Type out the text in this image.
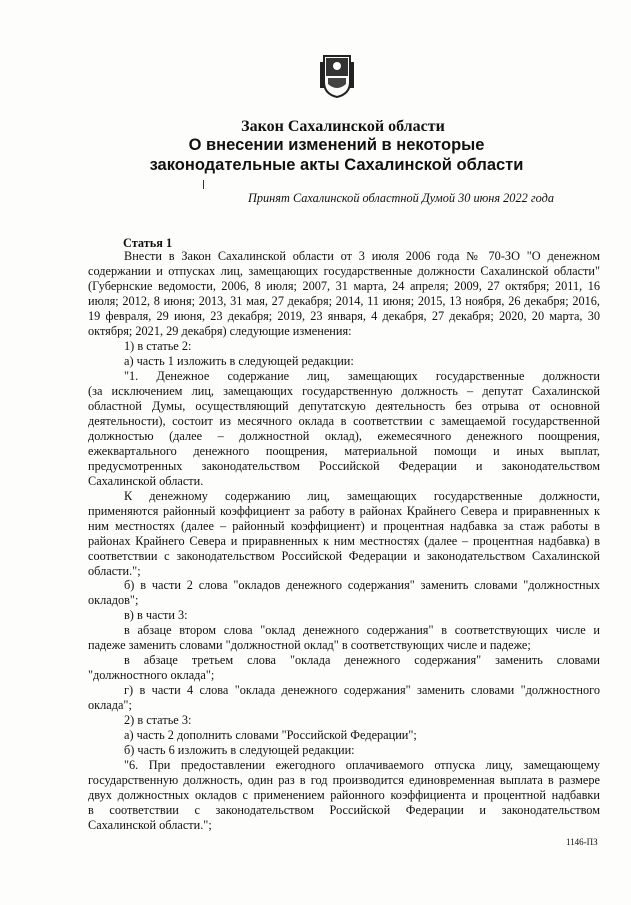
Закон Сахалинской области
О внесении изменений в некоторые
законодательные акты Сахалинской области
Принят Сахалинской областной Думой 30 июня 2022 года
Статья 1
Внести в Закон Сахалинской области от 3 июля 2006 года № 70-ЗО "О денежном
содержании и отпусках лиц, замещающих государственные должности Сахалинской области"
(Губернские ведомости, 2006, 8 июля; 2007, 31 марта, 24 апреля; 2009, 27 октября; 2011, 16
июля; 2012, 8 июня; 2013, 31 мая, 27 декабря; 2014, 11 июня; 2015, 13 ноября, 26 декабря; 2016,
19 февраля, 29 июня, 23 декабря; 2019, 23 января, 4 декабря, 27 декабря; 2020, 20 марта, 30
октября; 2021, 29 декабря) следующие изменения:
1) в статье 2:
а) часть 1 изложить в следующей редакции:
"1. Денежное содержание лиц, замещающих государственные должности
(за исключением лиц, замещающих государственную должность – депутат Сахалинской
областной Думы, осуществляющий депутатскую деятельность без отрыва от основной
деятельности), состоит из месячного оклада в соответствии с замещаемой государственной
должностью (далее – должностной оклад), ежемесячного денежного поощрения,
ежеквартального денежного поощрения, материальной помощи и иных выплат,
предусмотренных законодательством Российской Федерации и законодательством
Сахалинской области.
К денежному содержанию лиц, замещающих государственные должности,
применяются районный коэффициент за работу в районах Крайнего Севера и приравненных к
ним местностях (далее – районный коэффициент) и процентная надбавка за стаж работы в
районах Крайнего Севера и приравненных к ним местностях (далее – процентная надбавка) в
соответствии с законодательством Российской Федерации и законодательством Сахалинской
области.";
б) в части 2 слова "окладов денежного содержания" заменить словами "должностных
окладов";
в) в части 3:
в абзаце втором слова "оклад денежного содержания" в соответствующих числе и
падеже заменить словами "должностной оклад" в соответствующих числе и падеже;
в абзаце третьем слова "оклада денежного содержания" заменить словами
"должностного оклада";
г) в части 4 слова "оклада денежного содержания" заменить словами "должностного
оклада";
2) в статье 3:
а) часть 2 дополнить словами "Российской Федерации";
б) часть 6 изложить в следующей редакции:
"6. При предоставлении ежегодного оплачиваемого отпуска лицу, замещающему
государственную должность, один раз в год производится единовременная выплата в размере
двух должностных окладов с применением районного коэффициента и процентной надбавки
в соответствии с законодательством Российской Федерации и законодательством
Сахалинской области.";
1146-ПЗ
